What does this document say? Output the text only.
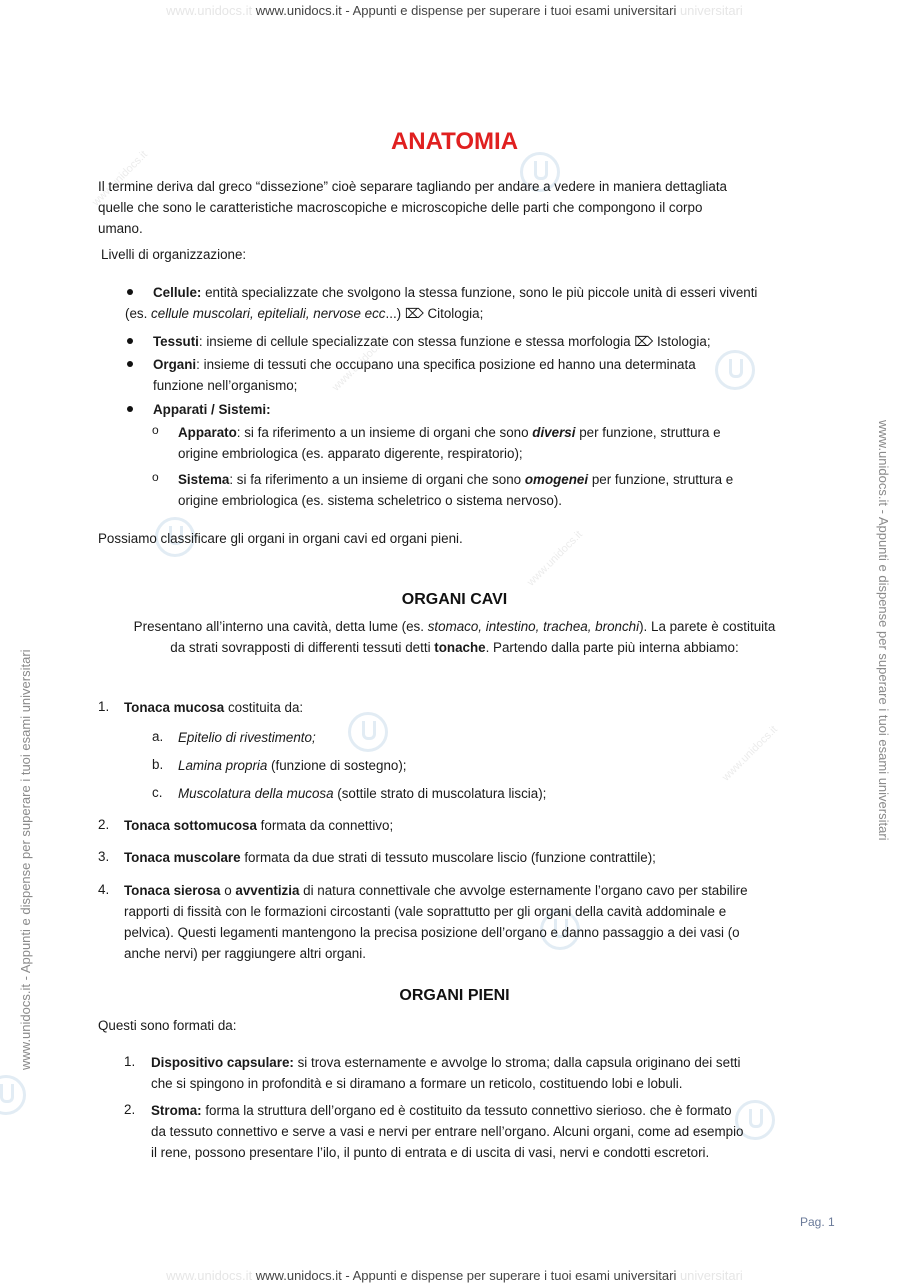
www.unidocs.it
www.unidocs.it
www.unidocs.it
www.unidocs.it
www.unidocs.it www.unidocs.it - Appunti e dispense per superare i tuoi esami universitari universitari
www.unidocs.it www.unidocs.it - Appunti e dispense per superare i tuoi esami universitari universitari
www.unidocs.it - Appunti e dispense per superare i tuoi esami universitari
www.unidocs.it - Appunti e dispense per superare i tuoi esami universitari
ANATOMIA
Il termine deriva dal greco “dissezione” cioè separare tagliando per andare a vedere in maniera dettagliata
quelle che sono le caratteristiche macroscopiche e microscopiche delle parti che compongono il corpo
umano.
Livelli di organizzazione:
Cellule: entità specializzate che svolgono la stessa funzione, sono le più piccole unità di esseri viventi
(es. cellule muscolari, epiteliali, nervose ecc...) ⌦ Citologia;
Tessuti: insieme di cellule specializzate con stessa funzione e stessa morfologia ⌦ Istologia;
Organi: insieme di tessuti che occupano una specifica posizione ed hanno una determinata
funzione nell’organismo;
Apparati / Sistemi:
o Apparato: si fa riferimento a un insieme di organi che sono diversi per funzione, struttura e
origine embriologica (es. apparato digerente, respiratorio);
o Sistema: si fa riferimento a un insieme di organi che sono omogenei per funzione, struttura e
origine embriologica (es. sistema scheletrico o sistema nervoso).
Possiamo classificare gli organi in organi cavi ed organi pieni.
ORGANI CAVI
Presentano all’interno una cavità, detta lume (es. stomaco, intestino, trachea, bronchi). La parete è costituita
da strati sovrapposti di differenti tessuti detti tonache. Partendo dalla parte più interna abbiamo:
1. Tonaca mucosa costituita da:
a. Epitelio di rivestimento;
b. Lamina propria (funzione di sostegno);
c. Muscolatura della mucosa (sottile strato di muscolatura liscia);
2. Tonaca sottomucosa formata da connettivo;
3. Tonaca muscolare formata da due strati di tessuto muscolare liscio (funzione contrattile);
4. Tonaca sierosa o avventizia di natura connettivale che avvolge esternamente l’organo cavo per stabilire
rapporti di fissità con le formazioni circostanti (vale soprattutto per gli organi della cavità addominale e
pelvica). Questi legamenti mantengono la precisa posizione dell’organo e danno passaggio a dei vasi (o
anche nervi) per raggiungere altri organi.
ORGANI PIENI
Questi sono formati da:
1. Dispositivo capsulare: si trova esternamente e avvolge lo stroma; dalla capsula originano dei setti
che si spingono in profondità e si diramano a formare un reticolo, costituendo lobi e lobuli.
2. Stroma: forma la struttura dell’organo ed è costituito da tessuto connettivo sierioso. che è formato
da tessuto connettivo e serve a vasi e nervi per entrare nell’organo. Alcuni organi, come ad esempio
il rene, possono presentare l’ilo, il punto di entrata e di uscita di vasi, nervi e condotti escretori.
Pag. 1
